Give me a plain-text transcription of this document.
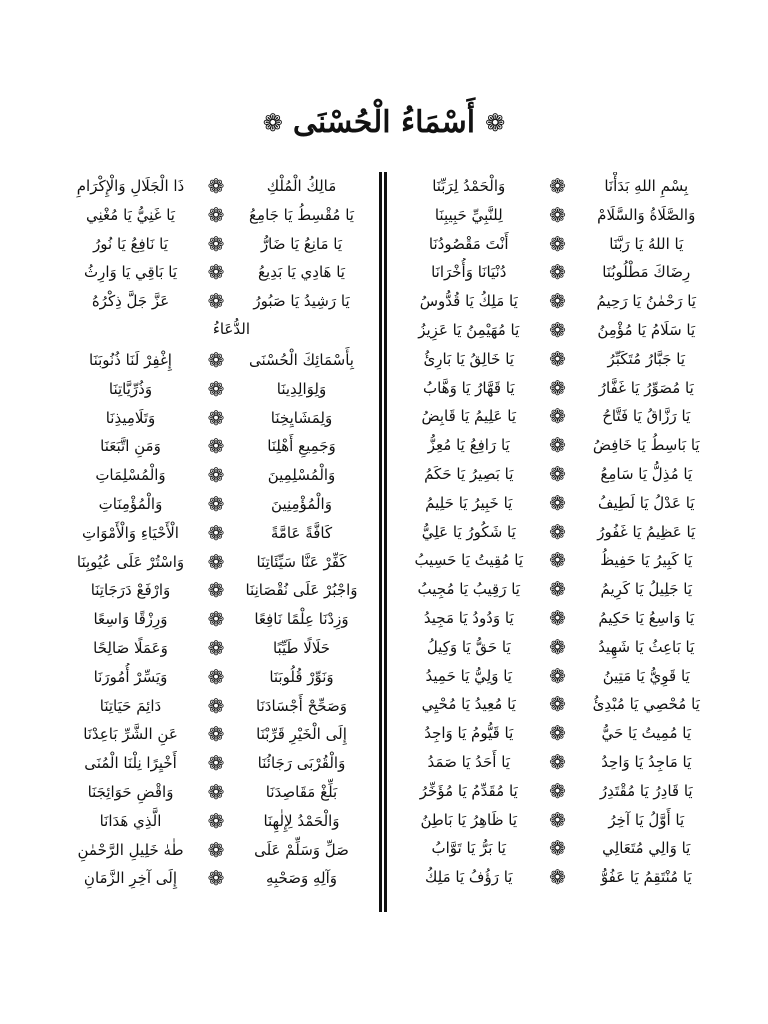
❁ أَسْمَاءُ الْحُسْنَى ❁
بِسْمِ اللهِ بَدَأْنَا
❁
وَالْحَمْدُ لِرَبِّنَا
وَالصَّلَاةُ وَالسَّلَامْ
❁
لِلنَّبِيِّ حَبِيبِنَا
يَا اللهُ يَا رَبَّنَا
❁
أَنْتَ مَقْصُودُنَا
رِضَاكَ مَطْلُوبُنَا
❁
دُنْيَانَا وَأُخْرَانَا
يَا رَحْمٰنُ يَا رَحِيمُ
❁
يَا مَلِكُ يَا قُدُّوسُ
يَا سَلَامُ يَا مُؤْمِنُ
❁
يَا مُهَيْمِنُ يَا عَزِيزُ
يَا جَبَّارُ مُتَكَبِّرُ
❁
يَا خَالِقُ يَا بَارِئُ
يَا مُصَوِّرُ يَا غَفَّارُ
❁
يَا قَهَّارُ يَا وَهَّابُ
يَا رَزَّاقُ يَا فَتَّاحُ
❁
يَا عَلِيمُ يَا قَابِضُ
يَا بَاسِطُ يَا خَافِضُ
❁
يَا رَافِعُ يَا مُعِزُّ
يَا مُذِلُّ يَا سَامِعُ
❁
يَا بَصِيرُ يَا حَكَمُ
يَا عَدْلُ يَا لَطِيفُ
❁
يَا خَبِيرُ يَا حَلِيمُ
يَا عَظِيمُ يَا غَفُورُ
❁
يَا شَكُورُ يَا عَلِيُّ
يَا كَبِيرُ يَا حَفِيظُ
❁
يَا مُقِيتُ يَا حَسِيبُ
يَا جَلِيلُ يَا كَرِيمُ
❁
يَا رَقِيبُ يَا مُجِيبُ
يَا وَاسِعُ يَا حَكِيمُ
❁
يَا وَدُودُ يَا مَجِيدُ
يَا بَاعِثُ يَا شَهِيدُ
❁
يَا حَقُّ يَا وَكِيلُ
يَا قَوِيُّ يَا مَتِينُ
❁
يَا وَلِيُّ يَا حَمِيدُ
يَا مُحْصِي يَا مُبْدِئُ
❁
يَا مُعِيدُ يَا مُحْيِي
يَا مُمِيتُ يَا حَيُّ
❁
يَا قَيُّومُ يَا وَاجِدُ
يَا مَاجِدُ يَا وَاحِدُ
❁
يَا أَحَدُ يَا صَمَدُ
يَا قَادِرُ يَا مُقْتَدِرُ
❁
يَا مُقَدِّمُ يَا مُؤَخِّرُ
يَا أَوَّلُ يَا آخِرُ
❁
يَا ظَاهِرُ يَا بَاطِنُ
يَا وَالِي مُتَعَالِي
❁
يَا بَرُّ يَا تَوَّابُ
يَا مُنْتَقِمُ يَا عَفُوُّ
❁
يَا رَؤُفُ يَا مَلِكُ
الدُّعَاءُ
مَالِكُ الْمُلْكِ
❁
ذَا الْجَلَالِ وَالْإِكْرَامِ
يَا مُقْسِطُ يَا جَامِعُ
❁
يَا غَنِيُّ يَا مُغْنِي
يَا مَانِعُ يَا ضَارُّ
❁
يَا نَافِعُ يَا نُورُ
يَا هَادِي يَا بَدِيعُ
❁
يَا بَاقِي يَا وَارِثُ
يَا رَشِيدُ يَا صَبُورُ
❁
عَزَّ جَلَّ ذِكْرُهُ
بِأَسْمَائِكَ الْحُسْنَى
❁
إِغْفِرْ لَنَا ذُنُوبَنَا
وَلِوَالِدِينَا
❁
وَذُرِّيَّاتِنَا
وَلِمَشَايِخِنَا
❁
وَتَلَامِيذِنَا
وَجَمِيعِ أَهْلِنَا
❁
وَمَنِ اتَّبَعَنَا
وَالْمُسْلِمِينَ
❁
وَالْمُسْلِمَاتِ
وَالْمُؤْمِنِينَ
❁
وَالْمُؤْمِنَاتِ
كَافَّةً عَامَّةً
❁
الْأَحْيَاءِ وَالْأَمْوَاتِ
كَفِّرْ عَنَّا سَيِّئَاتِنَا
❁
وَاسْتُرْ عَلَى عُيُوبِنَا
وَاجْبُرْ عَلَى نُقْصَانِنَا
❁
وَارْفَعْ دَرَجَاتِنَا
وَزِدْنَا عِلْمًا نَافِعًا
❁
وَرِزْقًا وَاسِعًا
حَلَالًا طَيِّبًا
❁
وَعَمَلًا صَالِحًا
وَنَوِّرْ قُلُوبَنَا
❁
وَيَسِّرْ أُمُورَنَا
وَصَحِّحْ أَجْسَادَنَا
❁
دَائِمَ حَيَاتِنَا
إِلَى الْخَيْرِ قَرِّبْنَا
❁
عَنِ الشَّرِّ بَاعِدْنَا
وَالْقُرْبَى رَجَائُنَا
❁
أَخْيِرًا نِلْنَا الْمُنَى
بَلِّغْ مَقَاصِدَنَا
❁
وَاقْضِ حَوَائِجَنَا
وَالْحَمْدُ لِإِلٰهِنَا
❁
الَّذِي هَدَانَا
صَلِّ وَسَلِّمْ عَلَى
❁
طٰهٰ خَلِيلِ الرَّحْمٰنِ
وَآلِهِ وَصَحْبِهِ
❁
إِلَى آخِرِ الزَّمَانِ
